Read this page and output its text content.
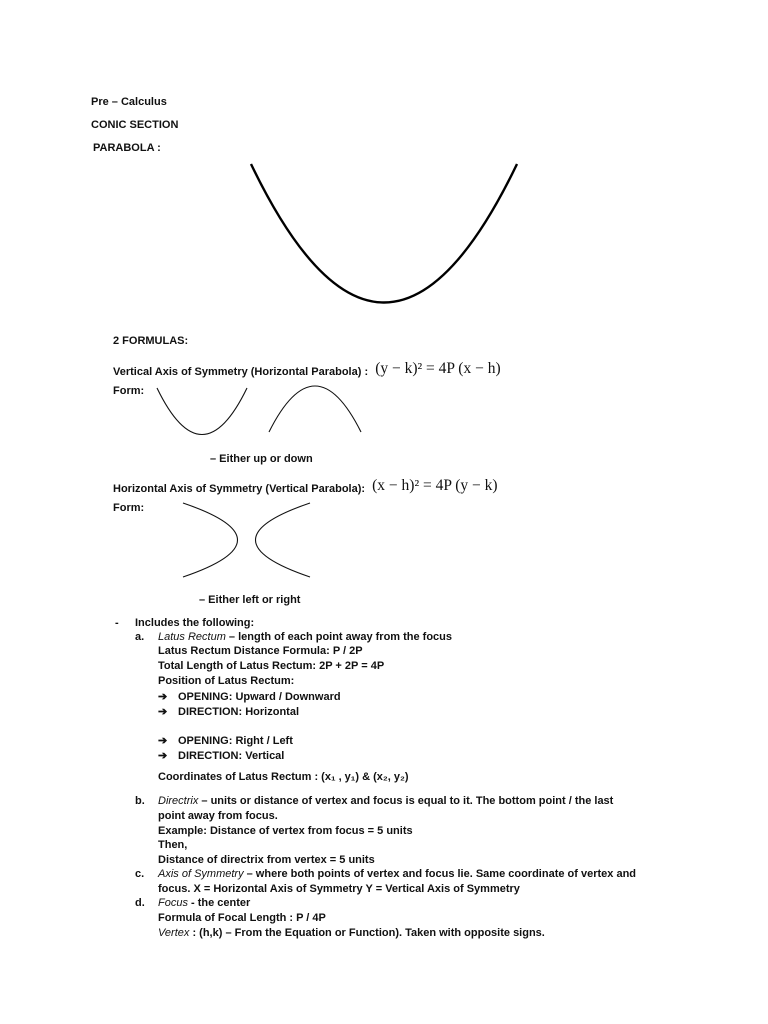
Pre – Calculus
CONIC SECTION
PARABOLA :
2 FORMULAS:
Vertical Axis of Symmetry (Horizontal Parabola) : (y − k)² = 4P (x − h)
Form:
– Either up or down
Horizontal Axis of Symmetry (Vertical Parabola): (x − h)² = 4P (y − k)
Form:
– Either left or right
- Includes the following:
a. Latus Rectum – length of each point away from the focus
Latus Rectum Distance Formula: P / 2P
Total Length of Latus Rectum: 2P + 2P = 4P
Position of Latus Rectum:
➔ OPENING: Upward / Downward
➔ DIRECTION: Horizontal
➔ OPENING: Right / Left
➔ DIRECTION: Vertical
Coordinates of Latus Rectum : (x₁ , y₁) & (x₂, y₂)
b. Directrix – units or distance of vertex and focus is equal to it. The bottom point / the last
point away from focus.
Example: Distance of vertex from focus = 5 units
Then,
Distance of directrix from vertex = 5 units
c. Axis of Symmetry – where both points of vertex and focus lie. Same coordinate of vertex and
focus. X = Horizontal Axis of Symmetry Y = Vertical Axis of Symmetry
d. Focus - the center
Formula of Focal Length : P / 4P
Vertex : (h,k) – From the Equation or Function). Taken with opposite signs.
